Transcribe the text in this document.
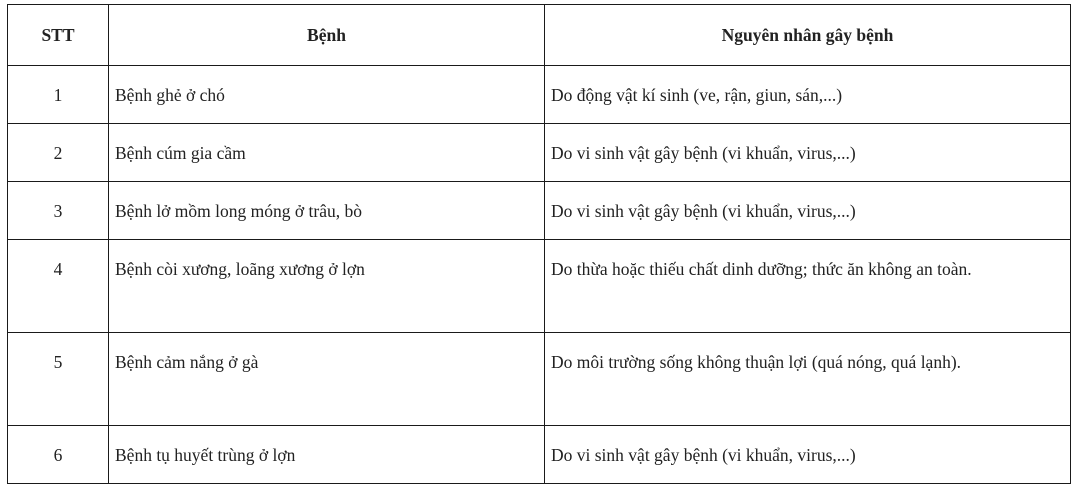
STT	Bệnh	Nguyên nhân gây bệnh
1	Bệnh ghẻ ở chó	Do động vật kí sinh (ve, rận, giun, sán,...)
2	Bệnh cúm gia cầm	Do vi sinh vật gây bệnh (vi khuẩn, virus,...)
3	Bệnh lở mồm long móng ở trâu, bò	Do vi sinh vật gây bệnh (vi khuẩn, virus,...)
4	Bệnh còi xương, loãng xương ở lợn	Do thừa hoặc thiếu chất dinh dưỡng; thức ăn không an toàn.
5	Bệnh cảm nắng ở gà	Do môi trường sống không thuận lợi (quá nóng, quá lạnh).
6	Bệnh tụ huyết trùng ở lợn	Do vi sinh vật gây bệnh (vi khuẩn, virus,...)
